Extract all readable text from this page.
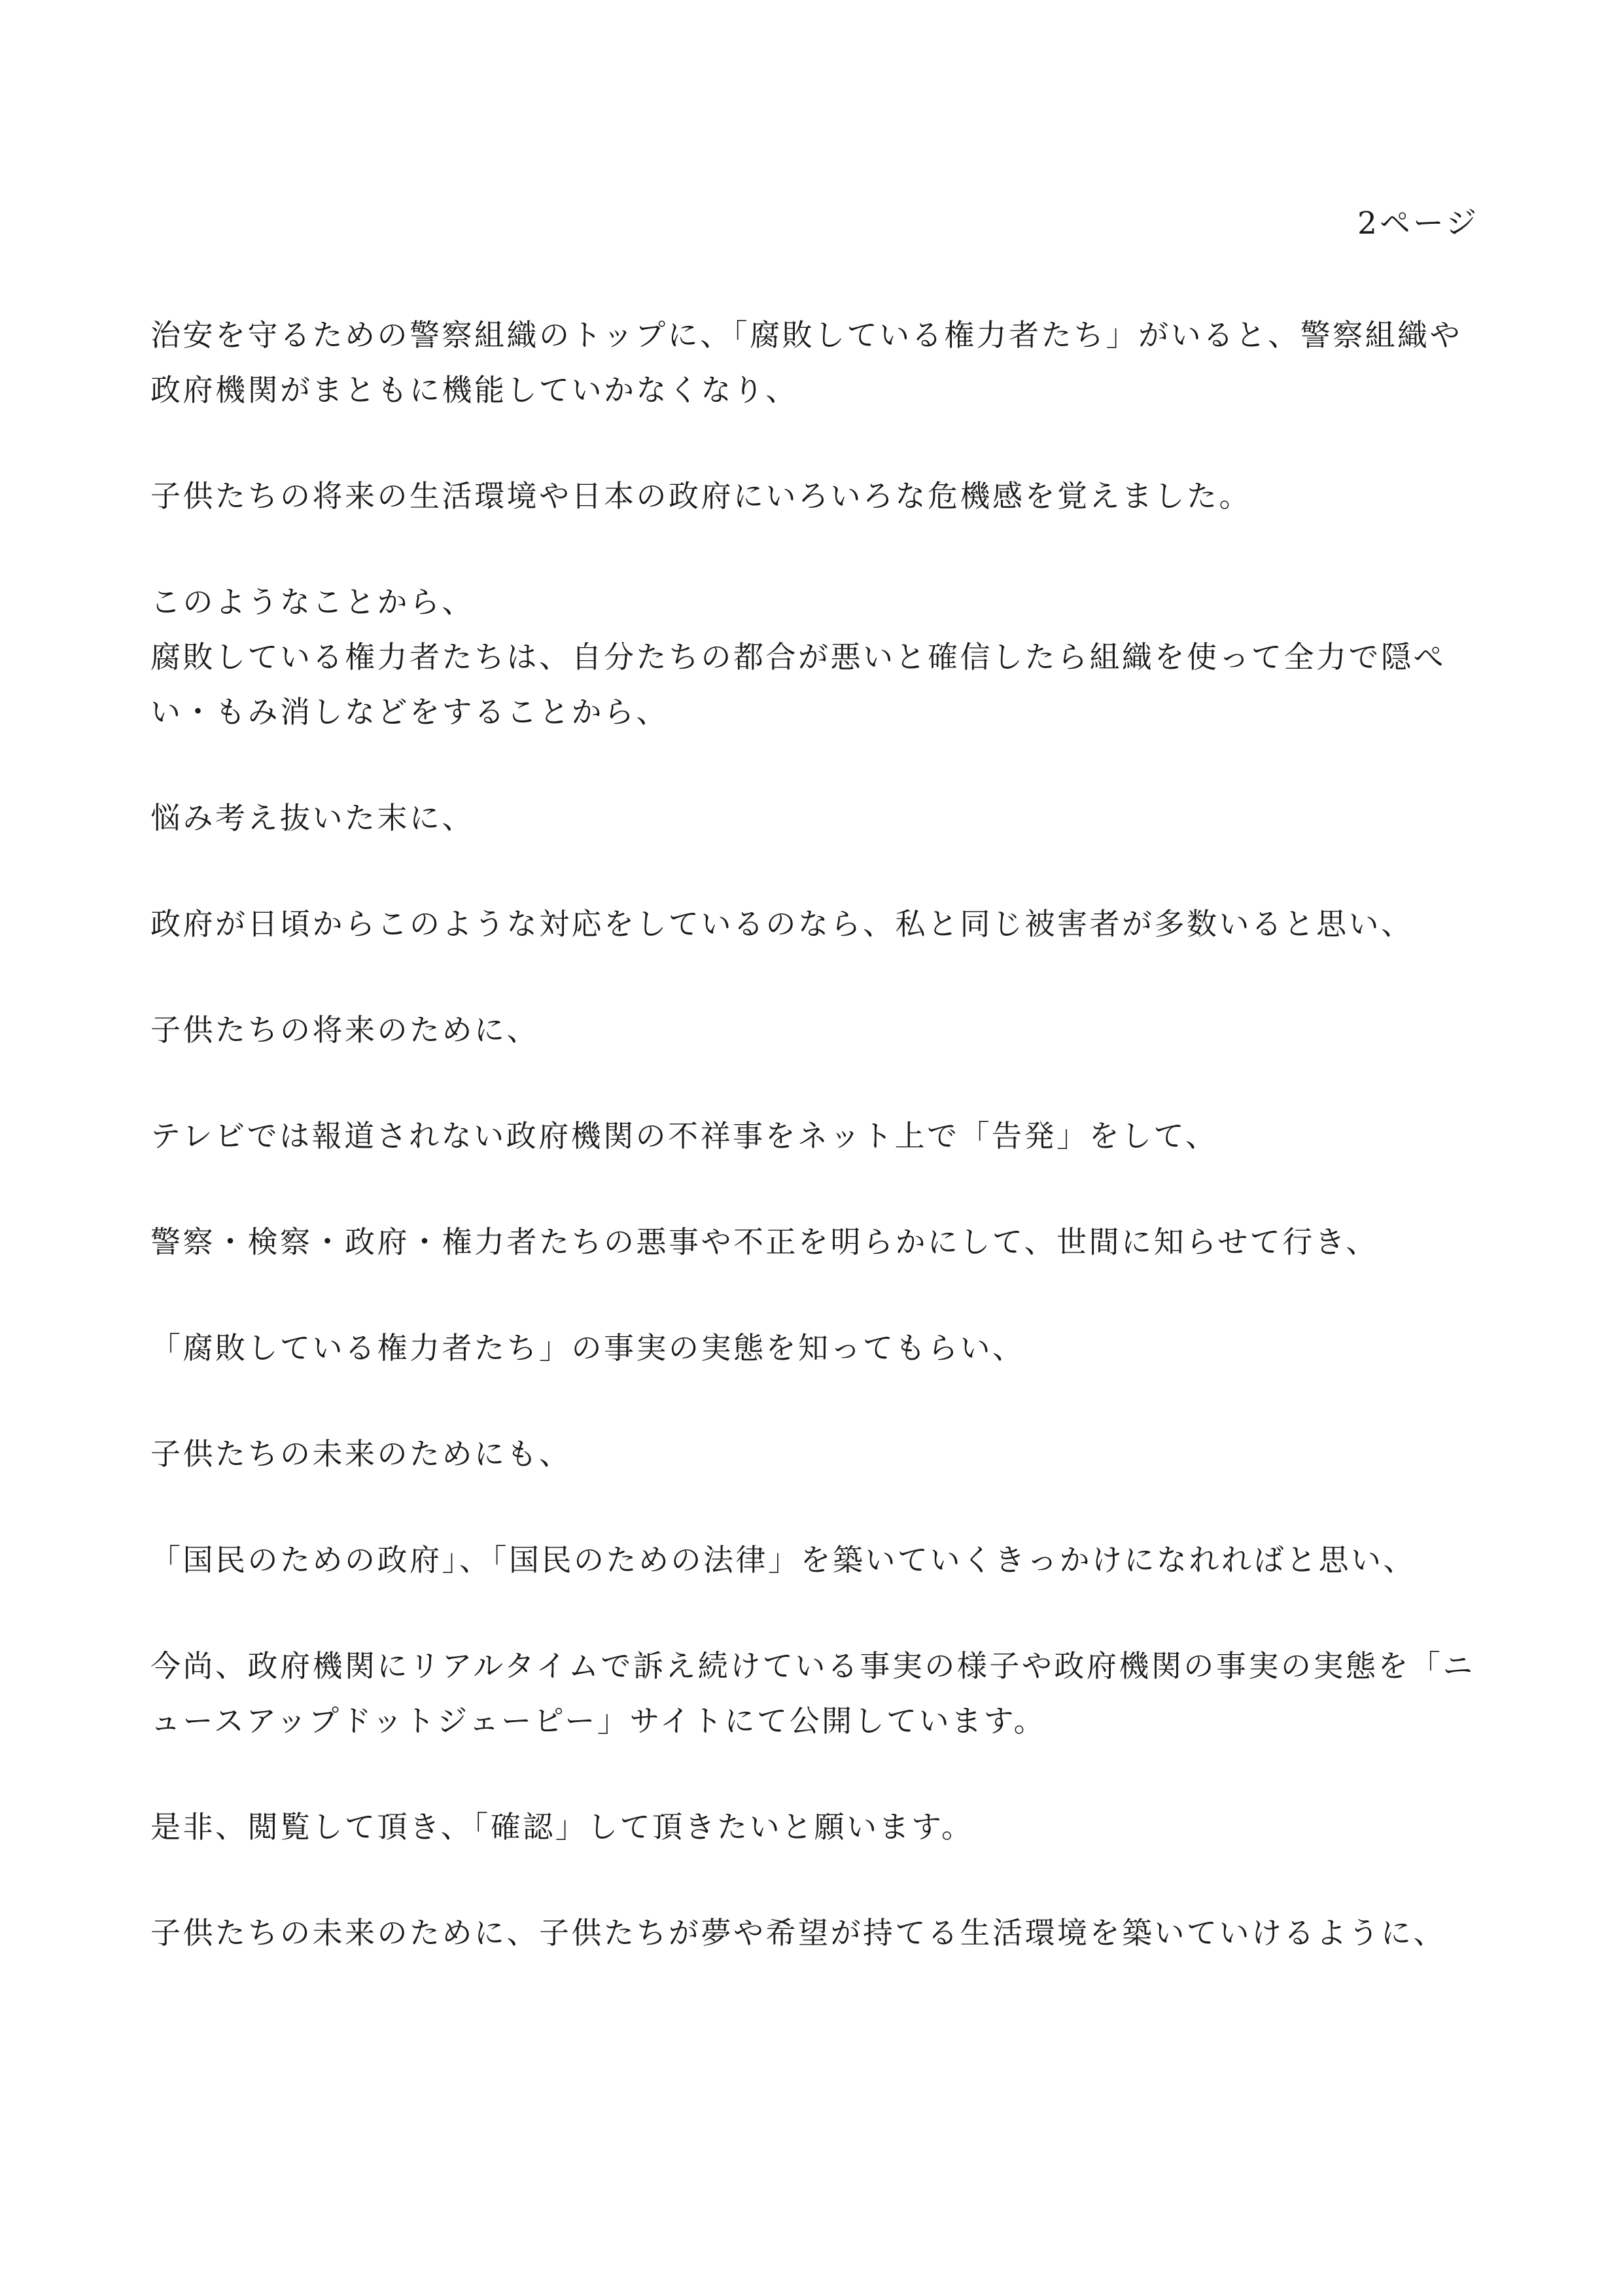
2ページ

治安を守るための警察組織のトップに、「腐敗している権力者たち」がいると、警察組織や
政府機関がまともに機能していかなくなり、

子供たちの将来の生活環境や日本の政府にいろいろな危機感を覚えました。

このようなことから、

腐敗している権力者たちは、自分たちの都合が悪いと確信したら組織を使って全力で隠ぺ
い・もみ消しなどをすることから、

悩み考え抜いた末に、

政府が日頃からこのような対応をしているのなら、私と同じ被害者が多数いると思い、

子供たちの将来のために、

テレビでは報道されない政府機関の不祥事をネット上で「告発」をして、

警察・検察・政府・権力者たちの悪事や不正を明らかにして、世間に知らせて行き、

「腐敗している権力者たち」の事実の実態を知ってもらい、

子供たちの未来のためにも、

「国民のための政府」、「国民のための法律」を築いていくきっかけになれればと思い、

今尚、政府機関にリアルタイムで訴え続けている事実の様子や政府機関の事実の実態を「ニ
ュースアップドットジェーピー」サイトにて公開しています。

是非、閲覧して頂き、「確認」して頂きたいと願います。

子供たちの未来のために、子供たちが夢や希望が持てる生活環境を築いていけるように、
